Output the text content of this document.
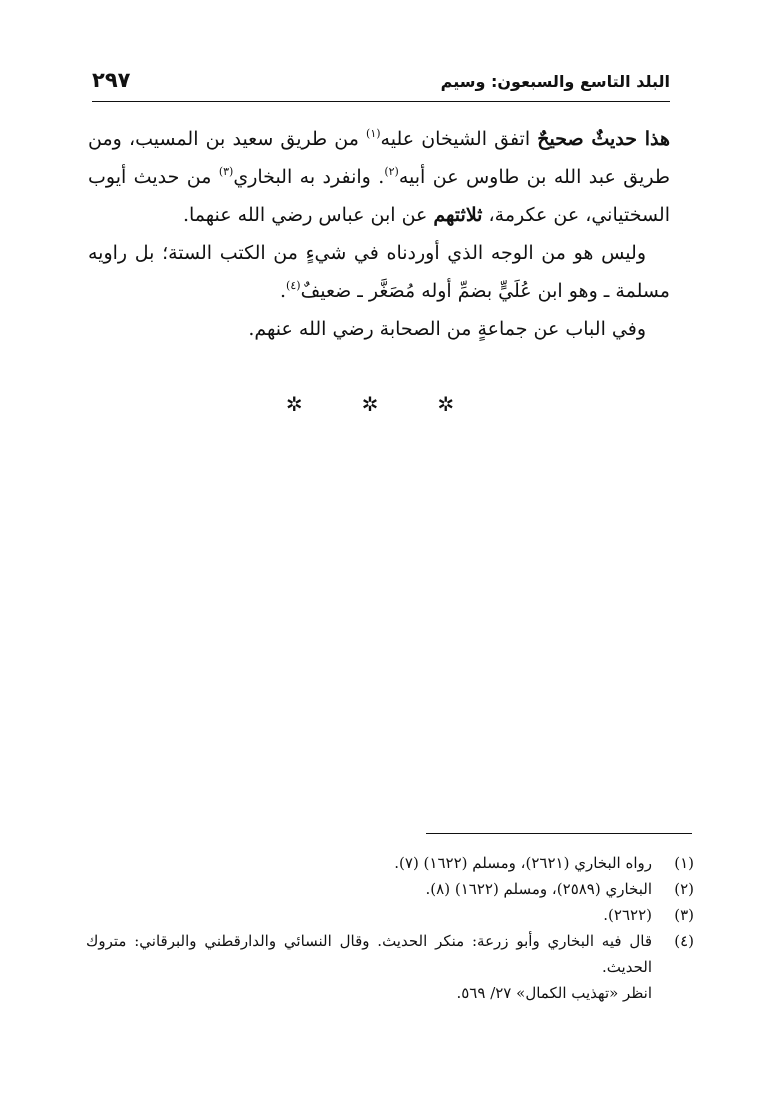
البلد التاسع والسبعون: وسيم
٢٩٧

هذا حديثٌ صحيحٌ اتفق الشيخان عليه$^{(١)}$ من طريق سعيد بن المسيب، ومن طريق عبد الله بن طاوس عن أبيه$^{(٢)}$. وانفرد به البخاري$^{(٣)}$ من حديث أيوب السختياني، عن عكرمة، ثلاثتهم عن ابن عباس رضي الله عنهما.

وليس هو من الوجه الذي أوردناه في شيءٍ من الكتب الستة؛ بل راويه مسلمة ـ وهو ابن عُلَيٍّ بضمِّ أوله مُصَغَّر ـ ضعيفٌ$^{(٤)}$.

وفي الباب عن جماعةٍ من الصحابة رضي الله عنهم.

✲ ✲ ✲
(١)
رواه البخاري (٢٦٢١)، ومسلم (١٦٢٢) (٧).
(٢)
البخاري (٢٥٨٩)، ومسلم (١٦٢٢) (٨).
(٣)
(٢٦٢٢).
(٤)
قال فيه البخاري وأبو زرعة: منكر الحديث. وقال النسائي والدارقطني والبرقاني: متروك الحديث.
انظر «تهذيب الكمال» ٢٧/ ٥٦٩.
